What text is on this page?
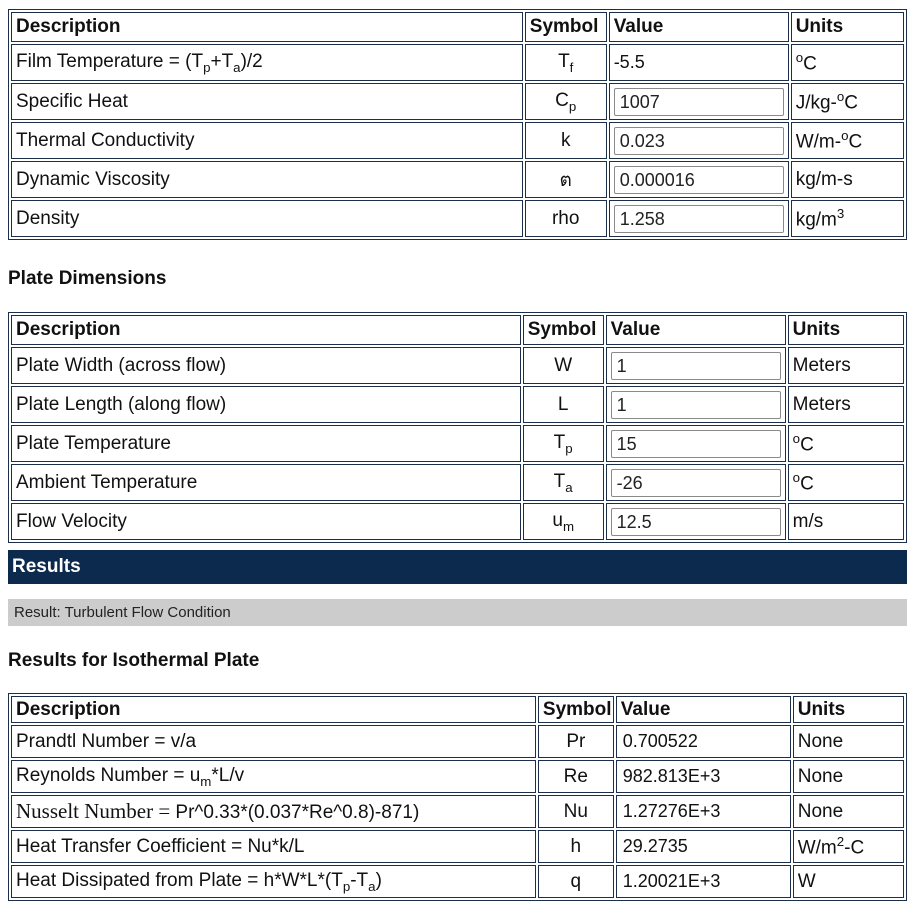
Description	Symbol	Value	Units
Film Temperature = $(T_p+T_a)/2$	$T_f$	-5.5	$^o$C
Specific Heat	$C_p$	1007	J/kg-$^o$C
Thermal Conductivity	k	0.023	W/m-$^o$C
Dynamic Viscosity	ต	0.000016	kg/m-s
Density	rho	1.258	$kg/m^3$
Plate Dimensions
Description	Symbol	Value	Units
Plate Width (across flow)	W	1	Meters
Plate Length (along flow)	L	1	Meters
Plate Temperature	$T_p$	15	$^o$C
Ambient Temperature	$T_a$	-26	$^o$C
Flow Velocity	$u_m$	12.5	m/s
Results
Result: Turbulent Flow Condition
Results for Isothermal Plate
Description	Symbol	Value	Units
Prandtl Number = v/a	Pr	0.700522	None
Reynolds Number = $u_m*L/v$	Re	982.813E+3	None
Nusselt Number = Pr^0.33*(0.037*Re^0.8)-871)	Nu	1.27276E+3	None
Heat Transfer Coefficient = Nu*k/L	h	29.2735	$W/m^2-C$
Heat Dissipated from Plate = $h*W*L*(T_p-T_a)$	q	1.20021E+3	W
